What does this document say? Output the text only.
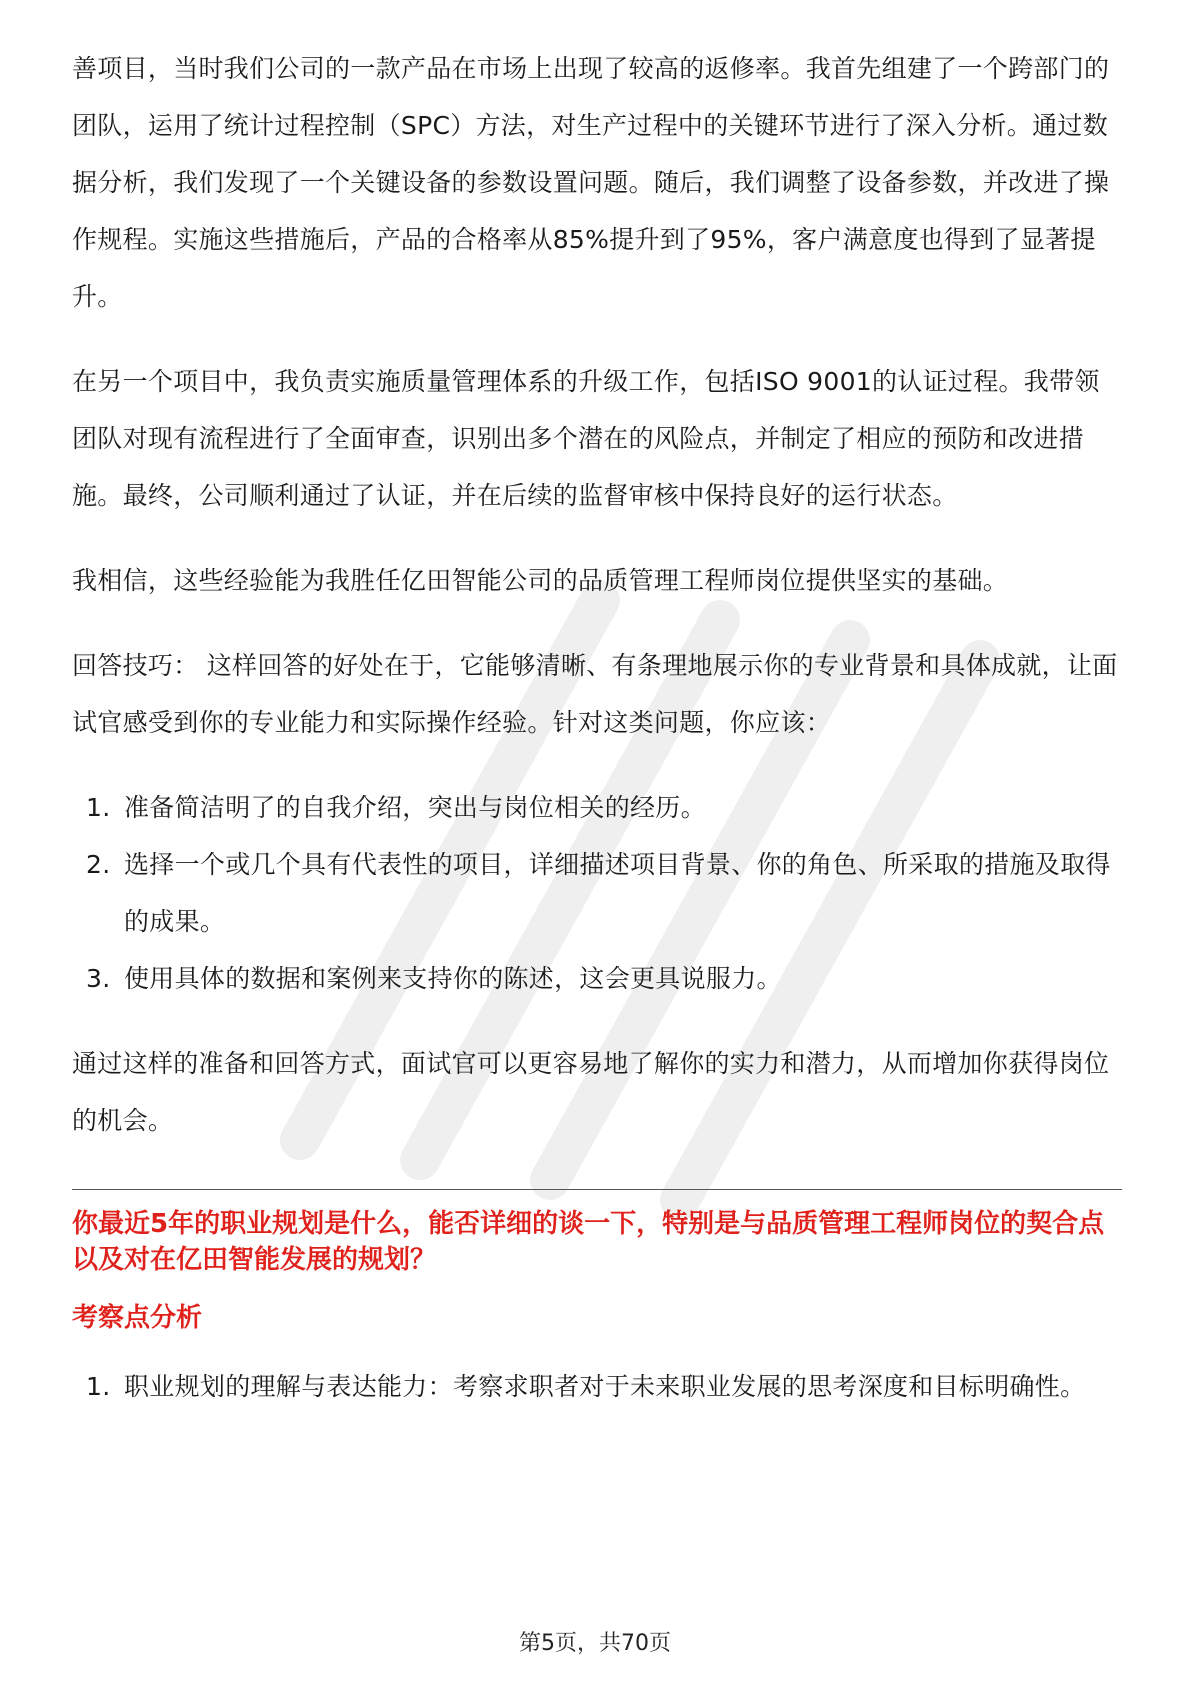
善项目，当时我们公司的一款产品在市场上出现了较高的返修率。我首先组建了一个跨部门的团队，运用了统计过程控制（SPC）方法，对生产过程中的关键环节进行了深入分析。通过数据分析，我们发现了一个关键设备的参数设置问题。随后，我们调整了设备参数，并改进了操作规程。实施这些措施后，产品的合格率从85%提升到了95%，客户满意度也得到了显著提升。

在另一个项目中，我负责实施质量管理体系的升级工作，包括ISO 9001的认证过程。我带领团队对现有流程进行了全面审查，识别出多个潜在的风险点，并制定了相应的预防和改进措施。最终，公司顺利通过了认证，并在后续的监督审核中保持良好的运行状态。

我相信，这些经验能为我胜任亿田智能公司的品质管理工程师岗位提供坚实的基础。

回答技巧： 这样回答的好处在于，它能够清晰、有条理地展示你的专业背景和具体成就，让面试官感受到你的专业能力和实际操作经验。针对这类问题，你应该：

1. 准备简洁明了的自我介绍，突出与岗位相关的经历。
2. 选择一个或几个具有代表性的项目，详细描述项目背景、你的角色、所采取的措施及取得的成果。
3. 使用具体的数据和案例来支持你的陈述，这会更具说服力。

通过这样的准备和回答方式，面试官可以更容易地了解你的实力和潜力，从而增加你获得岗位的机会。

你最近5年的职业规划是什么，能否详细的谈一下，特别是与品质管理工程师岗位的契合点以及对在亿田智能发展的规划？
考察点分析
1. 职业规划的理解与表达能力：考察求职者对于未来职业发展的思考深度和目标明确性。
第5页，共70页
